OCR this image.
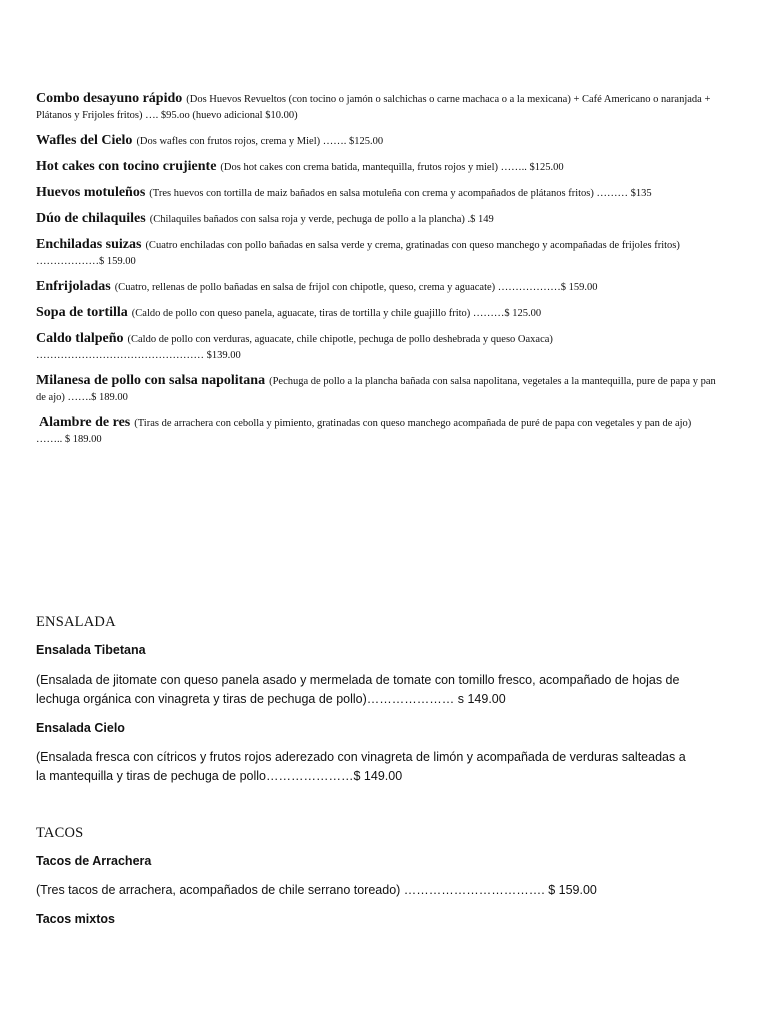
Combo desayuno rápido (Dos Huevos Revueltos (con tocino o jamón o salchichas o carne machaca o a la mexicana) + Café Americano o naranjada + Plátanos y Frijoles fritos) …. $95.oo (huevo adicional $10.00)
Wafles del Cielo (Dos wafles con frutos rojos, crema y Miel) ……. $125.00
Hot cakes con tocino crujiente (Dos hot cakes con crema batida, mantequilla, frutos rojos y miel) …….. $125.00
Huevos motuleños (Tres huevos con tortilla de maiz bañados en salsa motuleña con crema y acompañados de plátanos fritos) ……… $135
Dúo de chilaquiles (Chilaquiles bañados con salsa roja y verde, pechuga de pollo a la plancha) .$ 149
Enchiladas suizas (Cuatro enchiladas con pollo bañadas en salsa verde y crema, gratinadas con queso manchego y acompañadas de frijoles fritos) ………………$ 159.00
Enfrijoladas (Cuatro, rellenas de pollo bañadas en salsa de frijol con chipotle, queso, crema y aguacate) ………………$ 159.00
Sopa de tortilla (Caldo de pollo con queso panela, aguacate, tiras de tortilla y chile guajillo frito) ………$ 125.00
Caldo tlalpeño (Caldo de pollo con verduras, aguacate, chile chipotle, pechuga de pollo deshebrada y queso Oaxaca) ………………………………………… $139.00
Milanesa de pollo con salsa napolitana (Pechuga de pollo a la plancha bañada con salsa napolitana, vegetales a la mantequilla, pure de papa y pan de ajo) …….$ 189.00
Alambre de res (Tiras de arrachera con cebolla y pimiento, gratinadas con queso manchego acompañada de puré de papa con vegetales y pan de ajo) …….. $ 189.00
ENSALADA
Ensalada Tibetana
(Ensalada de jitomate con queso panela asado y mermelada de tomate con tomillo fresco, acompañado de hojas de lechuga orgánica con vinagreta y tiras de pechuga de pollo)………………… s 149.00
Ensalada Cielo
(Ensalada fresca con cítricos y frutos rojos aderezado con vinagreta de limón y acompañada de verduras salteadas a la mantequilla y tiras de pechuga de pollo…………………$ 149.00
TACOS
Tacos de Arrachera
(Tres tacos de arrachera, acompañados de chile serrano toreado) ……………………………. $ 159.00
Tacos mixtos
